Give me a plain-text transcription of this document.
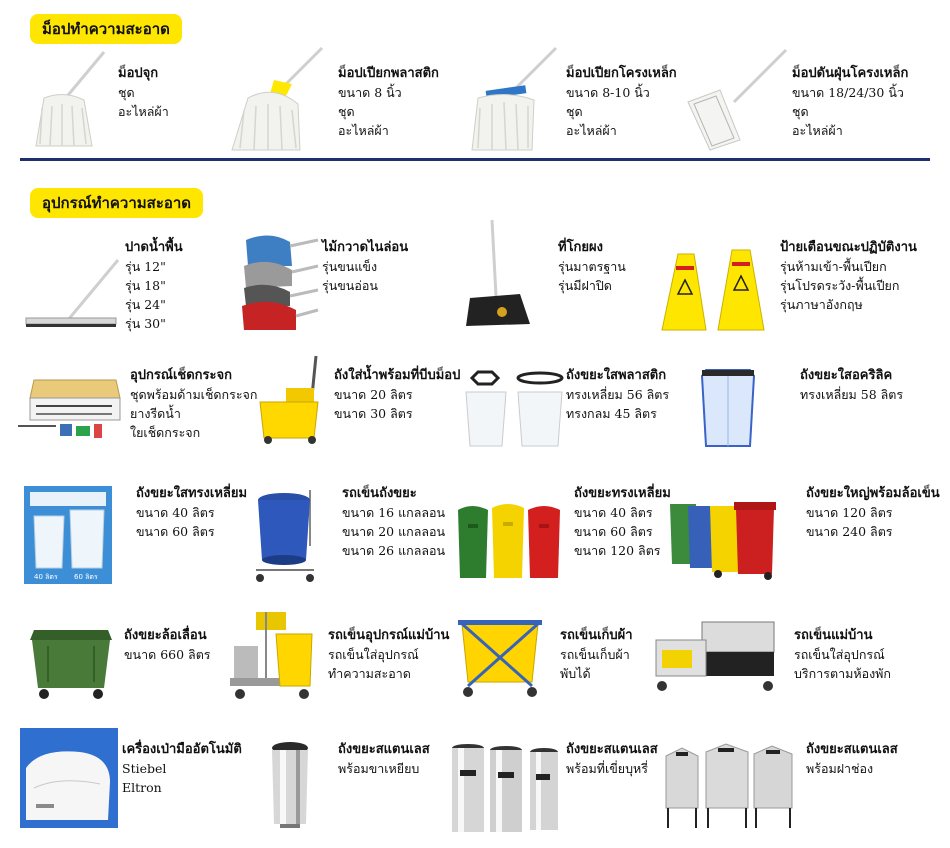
ม็อปทำความสะอาด
ม็อปจุก
ชุด
อะไหล่ผ้า
ม็อปเปียกพลาสติก
ขนาด 8 นิ้ว
ชุด
อะไหล่ผ้า
ม็อปเปียกโครงเหล็ก
ขนาด 8-10 นิ้ว
ชุด
อะไหล่ผ้า
ม็อปดันฝุ่นโครงเหล็ก
ขนาด 18/24/30 นิ้ว
ชุด
อะไหล่ผ้า
อุปกรณ์ทำความสะอาด
ปาดน้ำพื้น
รุ่น 12"
รุ่น 18"
รุ่น 24"
รุ่น 30"
ไม้กวาดไนล่อน
รุ่นขนแข็ง
รุ่นขนอ่อน
ที่โกยผง
รุ่นมาตรฐาน
รุ่นมีฝาปิด
ป้ายเตือนขณะปฏิบัติงาน
รุ่นห้ามเข้า-พื้นเปียก
รุ่นโปรดระวัง-พื้นเปียก
รุ่นภาษาอังกฤษ
อุปกรณ์เช็ดกระจก
ชุดพร้อมด้ามเช็ดกระจก
ยางรีดน้ำ
ใยเช็ดกระจก
ถังใส่น้ำพร้อมที่บีบม็อป
ขนาด 20 ลิตร
ขนาด 30 ลิตร
ถังขยะใสพลาสติก
ทรงเหลี่ยม 56 ลิตร
ทรงกลม 45 ลิตร
ถังขยะใสอคริลิค
ทรงเหลี่ยม 58 ลิตร
40 ลิตร 60 ลิตร
ถังขยะใสทรงเหลี่ยม
ขนาด 40 ลิตร
ขนาด 60 ลิตร
รถเข็นถังขยะ
ขนาด 16 แกลลอน
ขนาด 20 แกลลอน
ขนาด 26 แกลลอน
ถังขยะทรงเหลี่ยม
ขนาด 40 ลิตร
ขนาด 60 ลิตร
ขนาด 120 ลิตร
ถังขยะใหญ่พร้อมล้อเข็น
ขนาด 120 ลิตร
ขนาด 240 ลิตร
ถังขยะล้อเลื่อน
ขนาด 660 ลิตร
รถเข็นอุปกรณ์แม่บ้าน
รถเข็นใส่อุปกรณ์
ทำความสะอาด
รถเข็นเก็บผ้า
รถเข็นเก็บผ้า
พับได้
รถเข็นแม่บ้าน
รถเข็นใส่อุปกรณ์
บริการตามห้องพัก
เครื่องเป่ามืออัตโนมัติ
Stiebel
Eltron
ถังขยะสแตนเลส
พร้อมขาเหยียบ
ถังขยะสแตนเลส
พร้อมที่เขี่ยบุหรี่
ถังขยะสแตนเลส
พร้อมฝาช่อง
